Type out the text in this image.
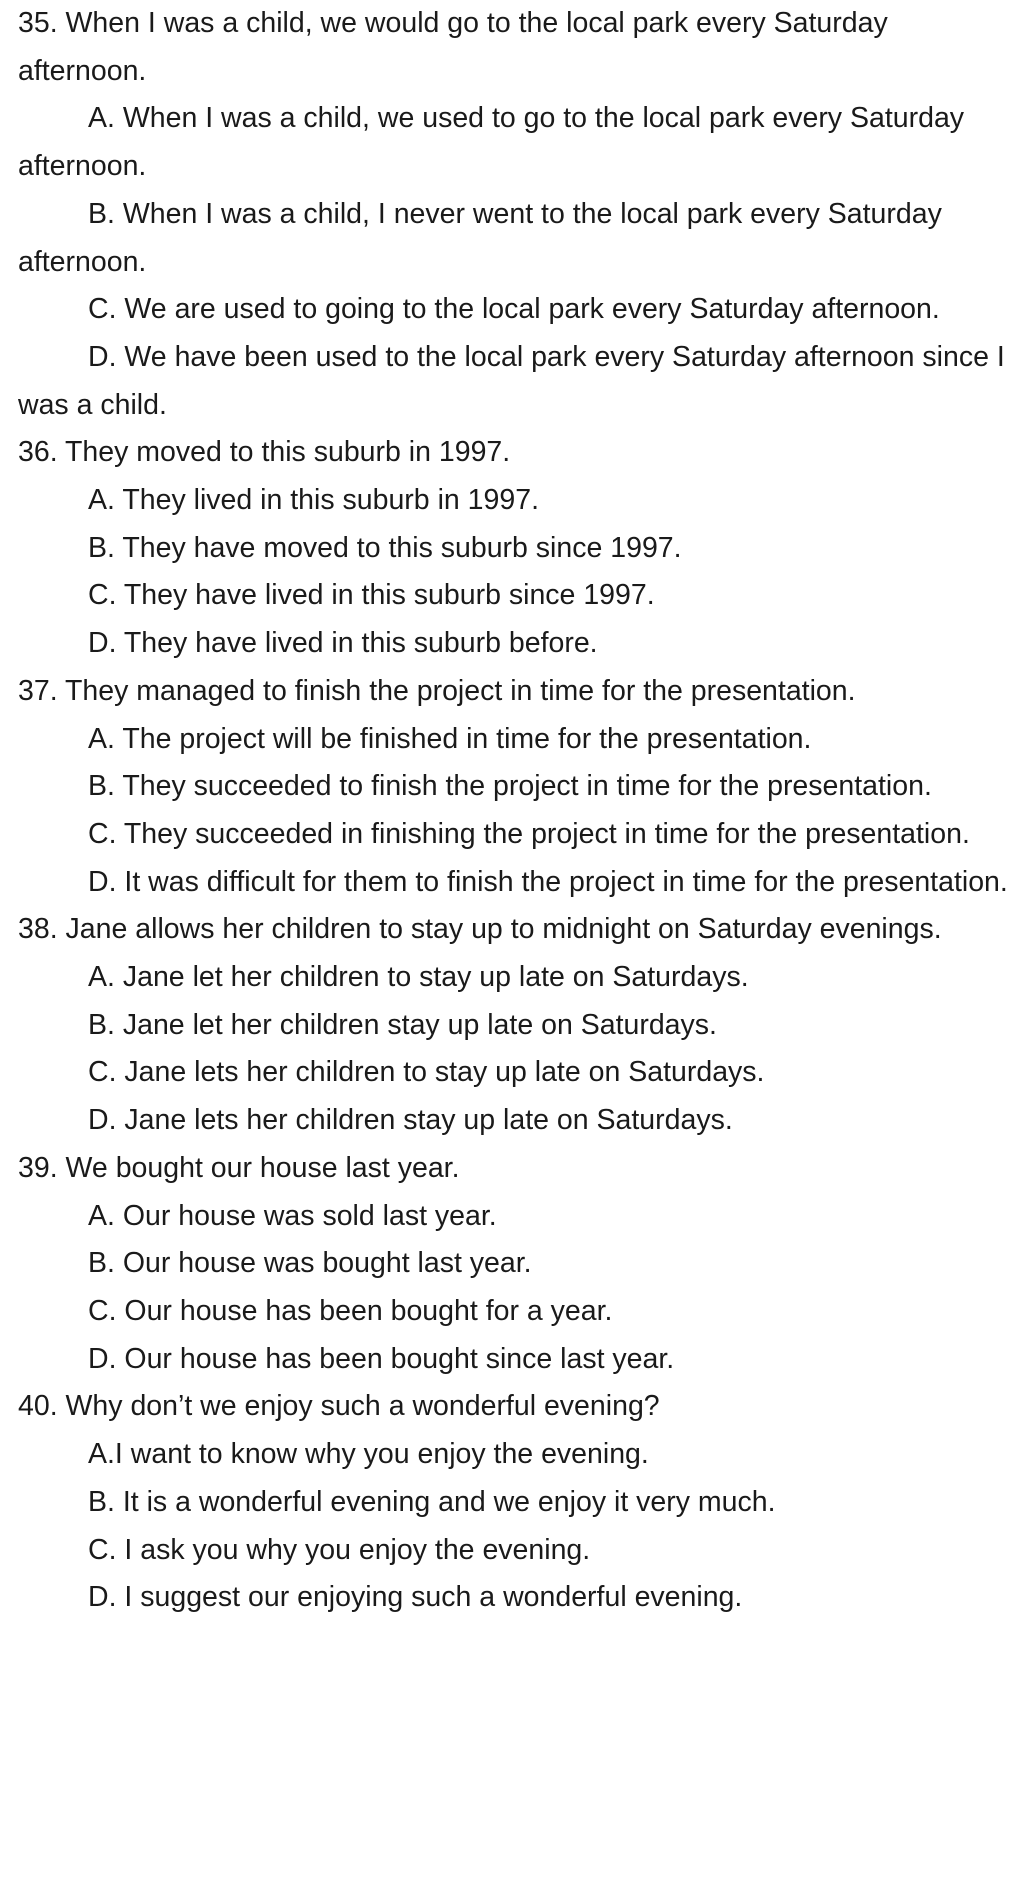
35. When I was a child, we would go to the local park every Saturday afternoon.

A. When I was a child, we used to go to the local park every Saturday afternoon.

B. When I was a child, I never went to the local park every Saturday afternoon.

C. We are used to going to the local park every Saturday afternoon.

D. We have been used to the local park every Saturday afternoon since I was a child.

36. They moved to this suburb in 1997.

A. They lived in this suburb in 1997.

B. They have moved to this suburb since 1997.

C. They have lived in this suburb since 1997.

D. They have lived in this suburb before.

37. They managed to finish the project in time for the presentation.

A. The project will be finished in time for the presentation.

B. They succeeded to finish the project in time for the presentation.

C. They succeeded in finishing the project in time for the presentation.

D. It was difficult for them to finish the project in time for the presentation.

38. Jane allows her children to stay up to midnight on Saturday evenings.

A. Jane let her children to stay up late on Saturdays.

B. Jane let her children stay up late on Saturdays.

C. Jane lets her children to stay up late on Saturdays.

D. Jane lets her children stay up late on Saturdays.

39. We bought our house last year.

A. Our house was sold last year.

B. Our house was bought last year.

C. Our house has been bought for a year.

D. Our house has been bought since last year.

40. Why don’t we enjoy such a wonderful evening?

A.I want to know why you enjoy the evening.

B. It is a wonderful evening and we enjoy it very much.

C. I ask you why you enjoy the evening.

D. I suggest our enjoying such a wonderful evening.
